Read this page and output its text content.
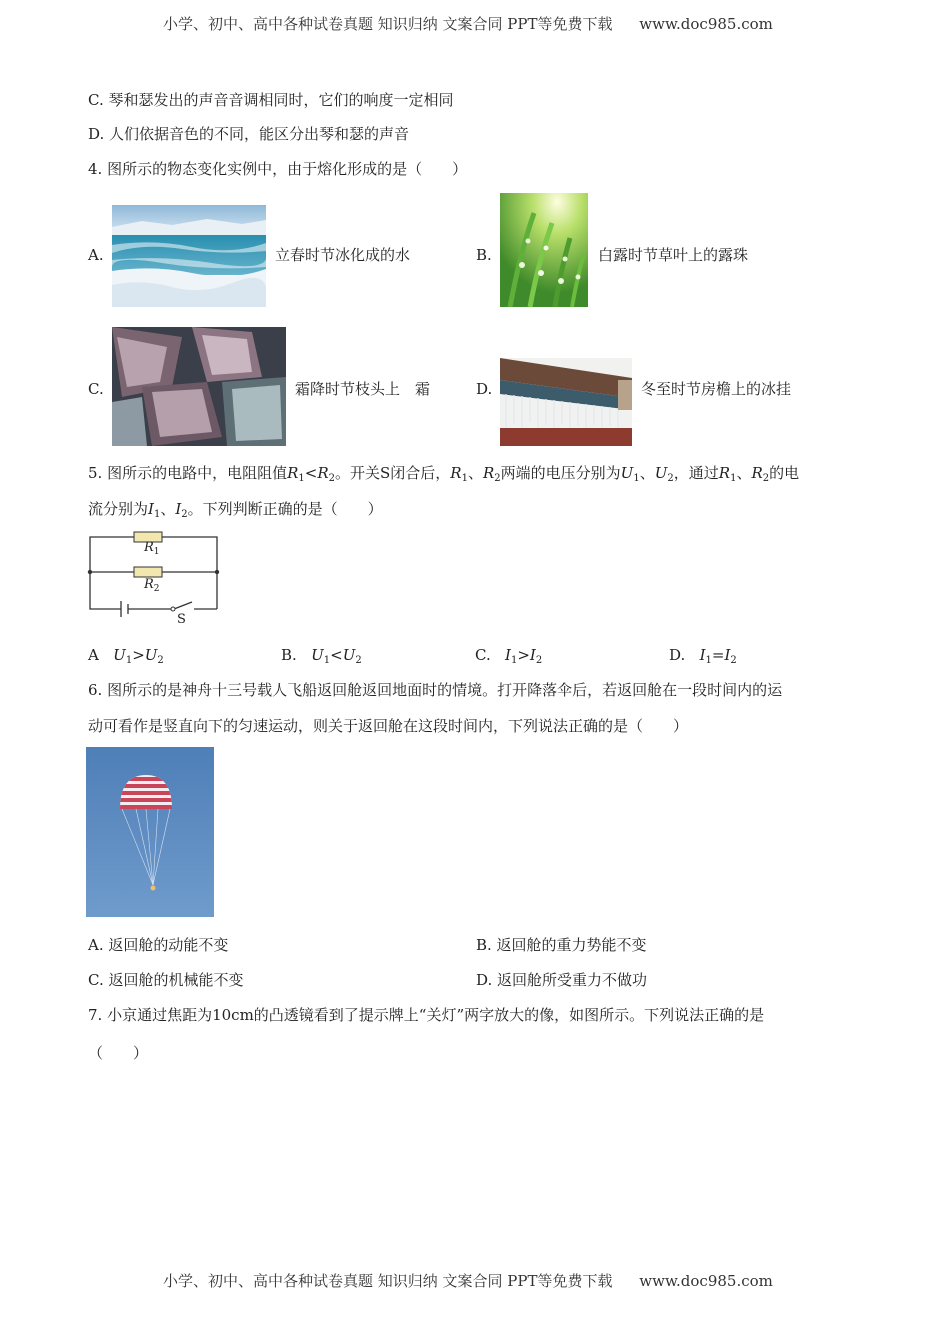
小学、初中、高中各种试卷真题 知识归纳 文案合同 PPT等免费下载 www.doc985.com
C. 琴和瑟发出的声音音调相同时，它们的响度一定相同
D. 人们依据音色的不同，能区分出琴和瑟的声音
4. 图所示的物态变化实例中，由于熔化形成的是（　　）
A.	立春时节冰化成的水	B.	白露时节草叶上的露珠
C.	霜降时节枝头上　霜	D.	冬至时节房檐上的冰挂
5. 图所示的电路中，电阻阻值$R_1<R_2$。开关S闭合后，$R_1$、$R_2$两端的电压分别为$U_1$、$U_2$，通过$R_1$、$R_2$的电
流分别为$I_1$、$I_2$。下列判断正确的是（　　）
$R_1$
$R_2$
S
A $U_1>U_2$	B. $U_1<U_2$	C. $I_1>I_2$	D. $I_1=I_2$
6. 图所示的是神舟十三号载人飞船返回舱返回地面时的情境。打开降落伞后，若返回舱在一段时间内的运
动可看作是竖直向下的匀速运动，则关于返回舱在这段时间内，下列说法正确的是（　　）
A. 返回舱的动能不变	B. 返回舱的重力势能不变
C. 返回舱的机械能不变	D. 返回舱所受重力不做功
7. 小京通过焦距为10cm的凸透镜看到了提示牌上“关灯”两字放大的像，如图所示。下列说法正确的是
（　　）
小学、初中、高中各种试卷真题 知识归纳 文案合同 PPT等免费下载 www.doc985.com
